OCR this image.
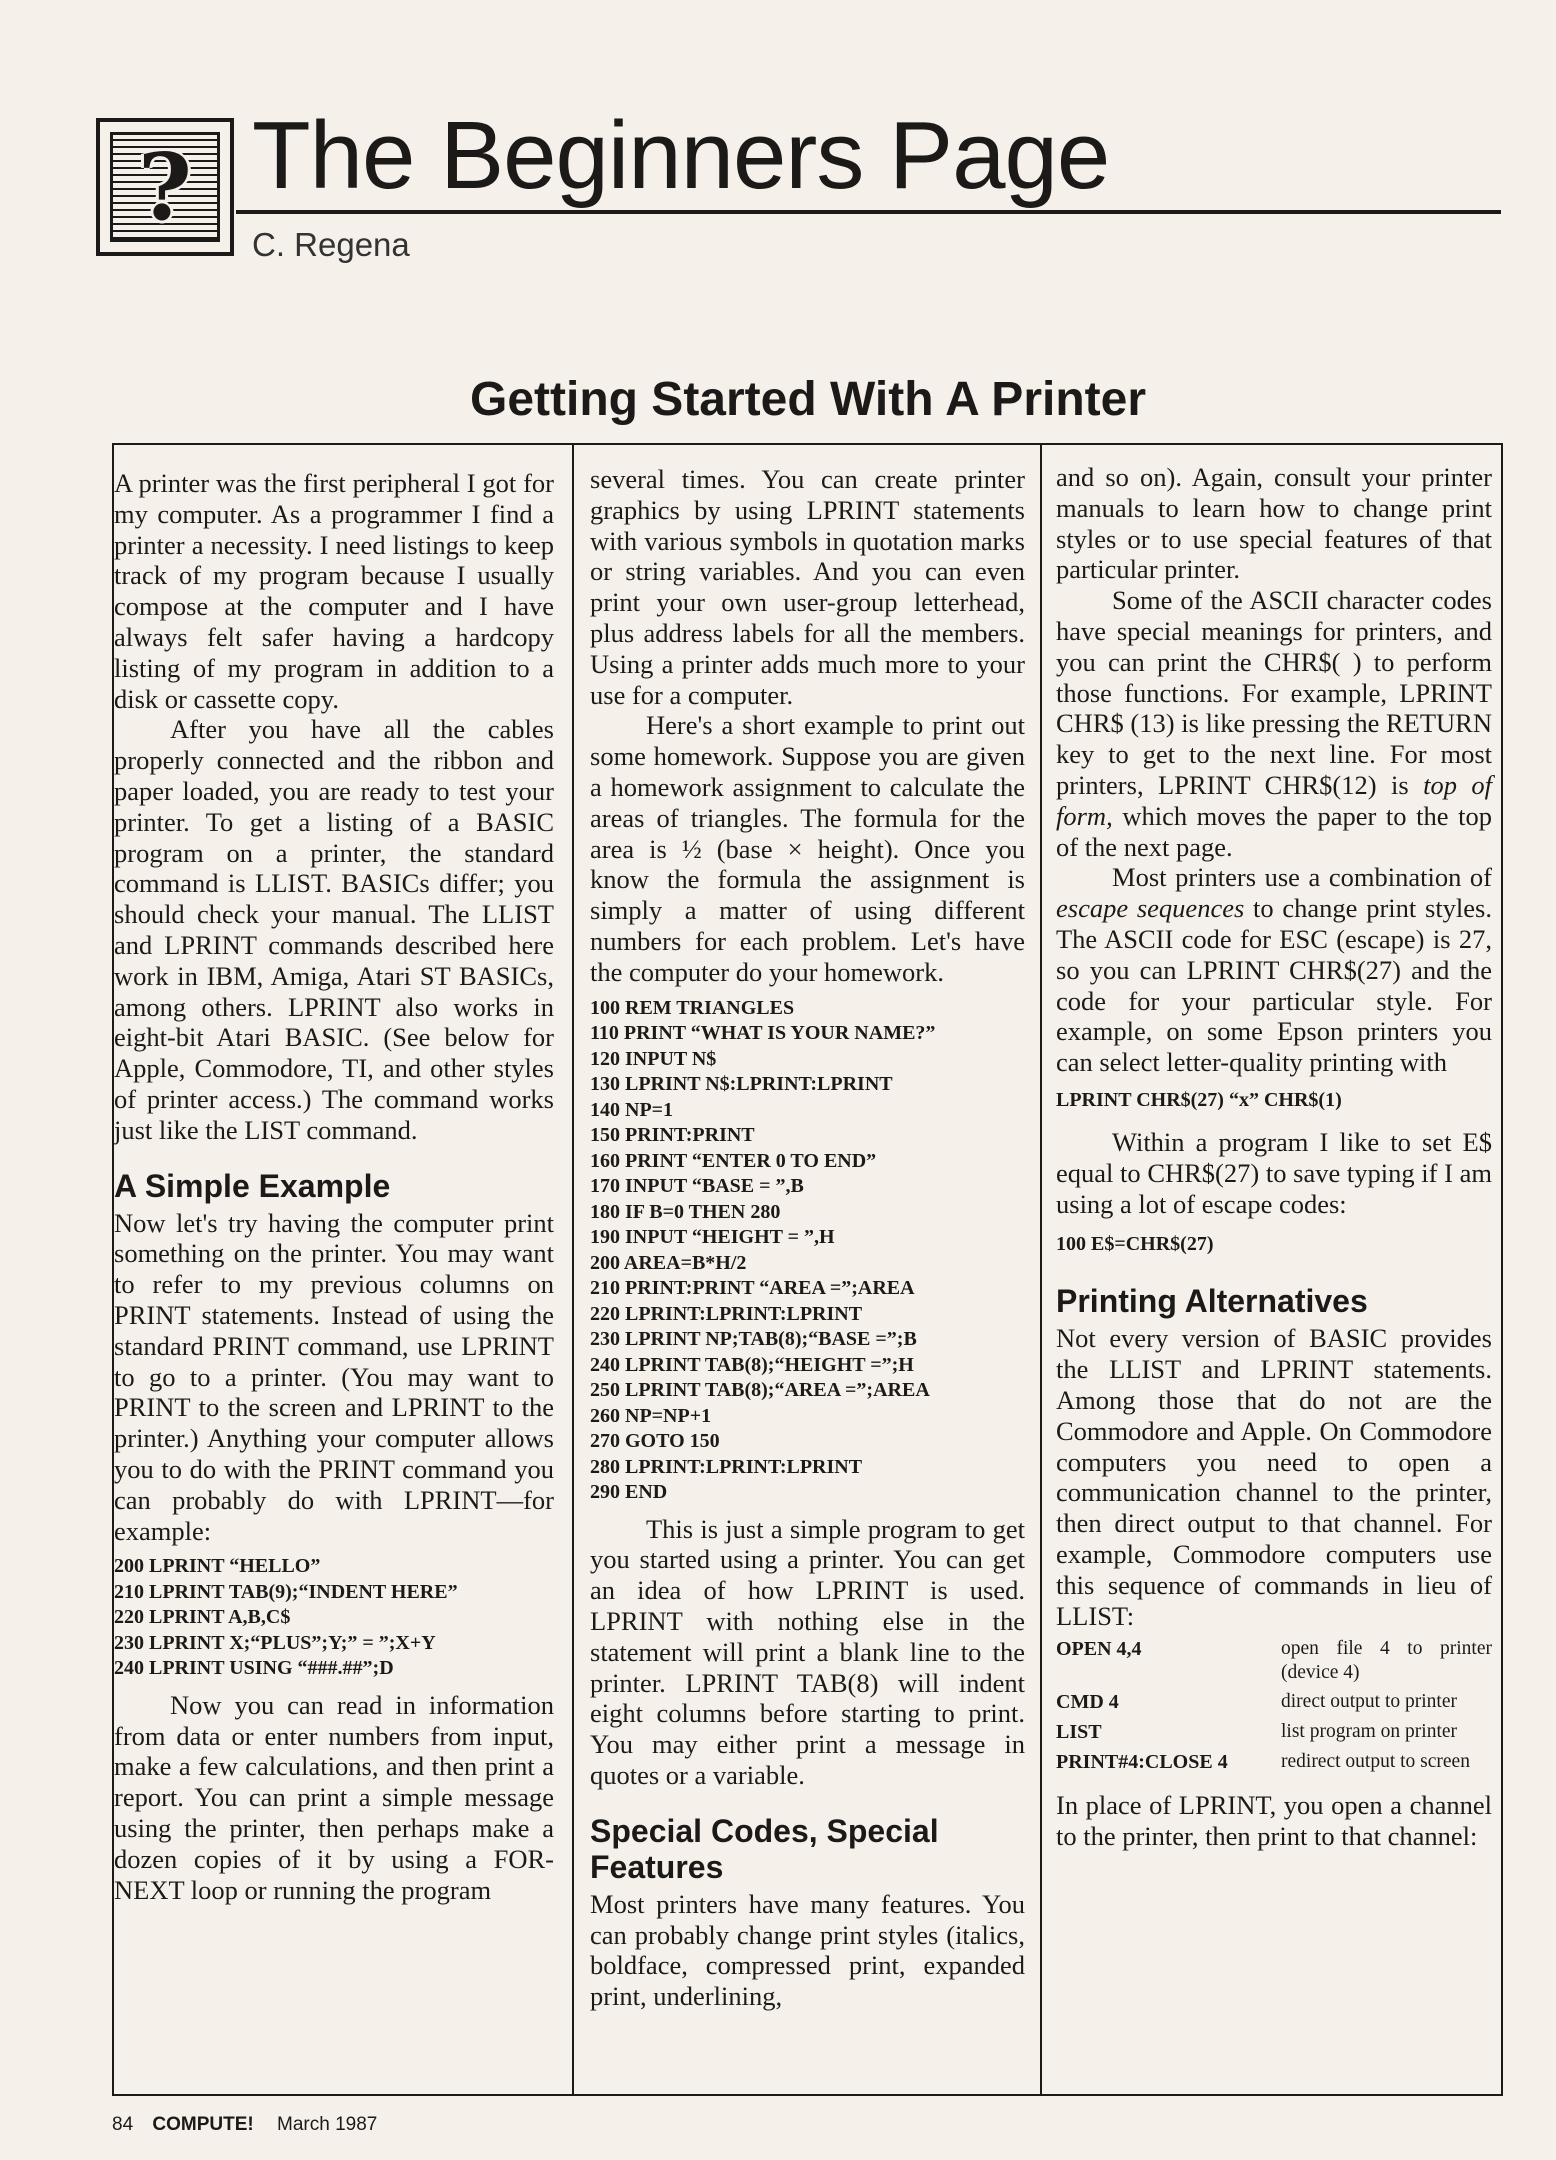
? The Beginners Page
C. Regena
Getting Started With A Printer

A printer was the first peripheral I got for my computer. As a programmer I find a printer a necessity. I need listings to keep track of my program because I usually compose at the computer and I have always felt safer having a hardcopy listing of my program in addition to a disk or cassette copy.

After you have all the cables properly connected and the ribbon and paper loaded, you are ready to test your printer. To get a listing of a BASIC program on a printer, the standard command is LLIST. BASICs differ; you should check your manual. The LLIST and LPRINT commands described here work in IBM, Amiga, Atari ST BASICs, among others. LPRINT also works in eight-bit Atari BASIC. (See below for Apple, Commodore, TI, and other styles of printer access.) The command works just like the LIST command.

A Simple Example

Now let's try having the computer print something on the printer. You may want to refer to my previous columns on PRINT statements. Instead of using the standard PRINT command, use LPRINT to go to a printer. (You may want to PRINT to the screen and LPRINT to the printer.) Anything your computer allows you to do with the PRINT command you can probably do with LPRINT—for example:

200 LPRINT “HELLO”
210 LPRINT TAB(9);“INDENT HERE”
220 LPRINT A,B,C$
230 LPRINT X;“PLUS”;Y;” = ”;X+Y
240 LPRINT USING “###.##”;D

Now you can read in information from data or enter numbers from input, make a few calculations, and then print a report. You can print a simple message using the printer, then perhaps make a dozen copies of it by using a FOR-NEXT loop or running the program

several times. You can create printer graphics by using LPRINT statements with various symbols in quotation marks or string variables. And you can even print your own user-group letterhead, plus address labels for all the members. Using a printer adds much more to your use for a computer.

Here's a short example to print out some homework. Suppose you are given a homework assignment to calculate the areas of triangles. The formula for the area is ½ (base × height). Once you know the formula the assignment is simply a matter of using different numbers for each problem. Let's have the computer do your homework.

100 REM TRIANGLES
110 PRINT “WHAT IS YOUR NAME?”
120 INPUT N$
130 LPRINT N$:LPRINT:LPRINT
140 NP=1
150 PRINT:PRINT
160 PRINT “ENTER 0 TO END”
170 INPUT “BASE = ”,B
180 IF B=0 THEN 280
190 INPUT “HEIGHT = ”,H
200 AREA=B*H/2
210 PRINT:PRINT “AREA =”;AREA
220 LPRINT:LPRINT:LPRINT
230 LPRINT NP;TAB(8);“BASE =”;B
240 LPRINT TAB(8);“HEIGHT =”;H
250 LPRINT TAB(8);“AREA =”;AREA
260 NP=NP+1
270 GOTO 150
280 LPRINT:LPRINT:LPRINT
290 END

This is just a simple program to get you started using a printer. You can get an idea of how LPRINT is used. LPRINT with nothing else in the statement will print a blank line to the printer. LPRINT TAB(8) will indent eight columns before starting to print. You may either print a message in quotes or a variable.

Special Codes, Special Features

Most printers have many features. You can probably change print styles (italics, boldface, compressed print, expanded print, underlining,

and so on). Again, consult your printer manuals to learn how to change print styles or to use special features of that particular printer.

Some of the ASCII character codes have special meanings for printers, and you can print the CHR$( ) to perform those functions. For example, LPRINT CHR$ (13) is like pressing the RETURN key to get to the next line. For most printers, LPRINT CHR$(12) is top of form, which moves the paper to the top of the next page.

Most printers use a combination of escape sequences to change print styles. The ASCII code for ESC (escape) is 27, so you can LPRINT CHR$(27) and the code for your particular style. For example, on some Epson printers you can select letter-quality printing with

LPRINT CHR$(27) “x” CHR$(1)

Within a program I like to set E$ equal to CHR$(27) to save typing if I am using a lot of escape codes:

100 E$=CHR$(27)
Printing Alternatives

Not every version of BASIC provides the LLIST and LPRINT statements. Among those that do not are the Commodore and Apple. On Commodore computers you need to open a communication channel to the printer, then direct output to that channel. For example, Commodore computers use this sequence of commands in lieu of LLIST:

OPEN 4,4	open file 4 to printer (device 4)
CMD 4	direct output to printer
LIST	list program on printer
PRINT#4:CLOSE 4	redirect output to screen

In place of LPRINT, you open a channel to the printer, then print to that channel:

84 COMPUTE! March 1987
